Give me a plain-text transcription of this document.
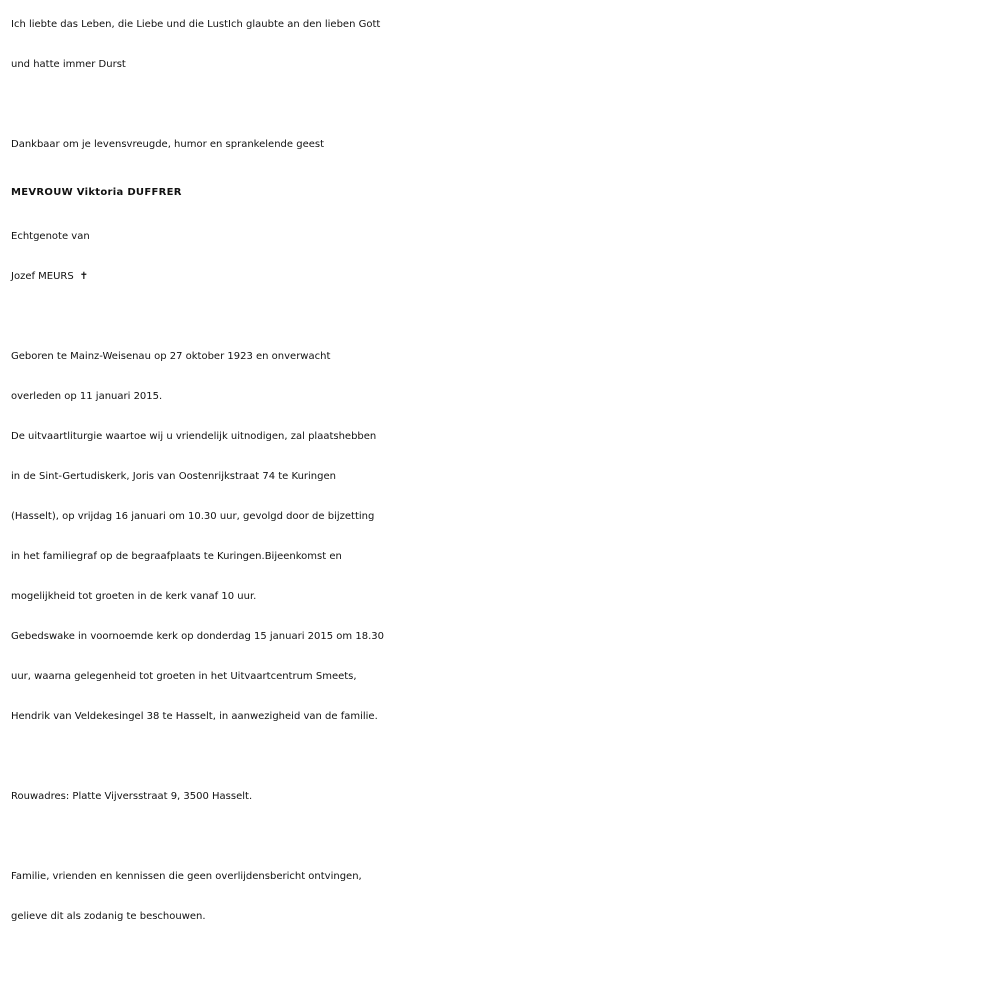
Ich liebte das Leben, die Liebe und die LustIch glaubte an den lieben Gott
und hatte immer Durst
Dankbaar om je levensvreugde, humor en sprankelende geest
MEVROUW Viktoria DUFFRER
Echtgenote van
Jozef MEURS ✝
Geboren te Mainz-Weisenau op 27 oktober 1923 en onverwacht
overleden op 11 januari 2015.
De uitvaartliturgie waartoe wij u vriendelijk uitnodigen, zal plaatshebben
in de Sint-Gertudiskerk, Joris van Oostenrijkstraat 74 te Kuringen
(Hasselt), op vrijdag 16 januari om 10.30 uur, gevolgd door de bijzetting
in het familiegraf op de begraafplaats te Kuringen.Bijeenkomst en
mogelijkheid tot groeten in de kerk vanaf 10 uur.
Gebedswake in voornoemde kerk op donderdag 15 januari 2015 om 18.30
uur, waarna gelegenheid tot groeten in het Uitvaartcentrum Smeets,
Hendrik van Veldekesingel 38 te Hasselt, in aanwezigheid van de familie.
Rouwadres: Platte Vijversstraat 9, 3500 Hasselt.
Familie, vrienden en kennissen die geen overlijdensbericht ontvingen,
gelieve dit als zodanig te beschouwen.
